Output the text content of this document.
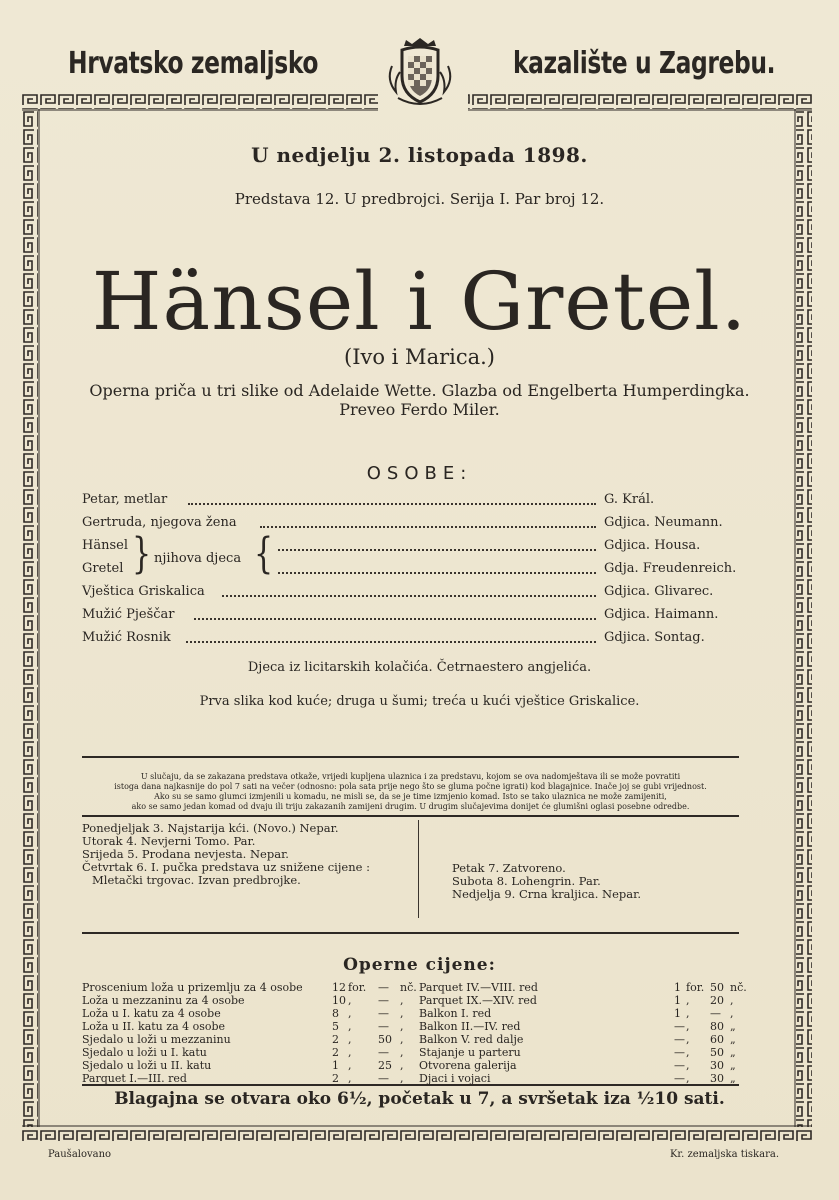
Hrvatsko zemaljsko	kazalište u Zagrebu.
U nedjelju 2. listopada 1898.
Predstava 12. U predbrojci. Serija I. Par broj 12.
Hänsel i Gretel.
(Ivo i Marica.)
Operna priča u tri slike od Adelaide Wette. Glazba od Engelberta Humperdingka.
Preveo Ferdo Miler.
OSOBE:
Petar, metlar	G. Král.
Gertruda, njegova žena	Gdjica. Neumann.
Hänsel	Gdjica. Housa.
Gretel	Gdja. Freudenreich.
} njihova djeca {
Vještica Griskalica	Gdjica. Glivarec.
Mužić Pješčar	Gdjica. Haimann.
Mužić Rosnik	Gdjica. Sontag.
Djeca iz licitarskih kolačića. Četrnaestero angjelića.
Prva slika kod kuće; druga u šumi; treća u kući vještice Griskalice.
U slučaju, da se zakazana predstava otkaže, vrijedi kupljena ulaznica i za predstavu, kojom se ova nadomještava ili se može povratiti
istoga dana najkasnije do pol 7 sati na večer (odnosno: pola sata prije nego što se gluma počne igrati) kod blagajnice. Inače joj se gubi vrijednost.
Ako su se samo glumci izmjenili u komadu, ne misli se, da se je time izmjenio komad. Isto se tako ulaznica ne može zamijeniti,
ako se samo jedan komad od dvaju ili triju zakazanih zamijeni drugim. U drugim slučajevima donijet će glumišni oglasi posebne odredbe.
Ponedjeljak 3. Najstarija kći. (Novo.) Nepar.
Utorak 4. Nevjerni Tomo. Par.
Srijeda 5. Prodana nevjesta. Nepar.
Četvrtak 6. I. pučka predstava uz snižene cijene :
Mletački trgovac. Izvan predbrojke.
Petak 7. Zatvoreno.
Subota 8. Lohengrin. Par.
Nedjelja 9. Crna kraljica. Nepar.
Operne cijene:
Proscenium loža u prizemlju za 4 osobe	12 for. — nč. Parquet IV.—VIII. red	1 for. 50 nč.
Loža u mezzaninu za 4 osobe	10 , — , Parquet IX.—XIV. red	1 , 20 ,
Loža u I. katu za 4 osobe	8 , — , Balkon I. red	1 , — ,
Loža u II. katu za 4 osobe	5 , — , Balkon II.—IV. red	— , 80 „
Sjedalo u loži u mezzaninu	2 , 50 , Balkon V. red dalje	— , 60 „
Sjedalo u loži u I. katu	2 , — , Stajanje u parteru	— , 50 „
Sjedalo u loži u II. katu	1 , 25 , Otvorena galerija	— , 30 „
Parquet I.—III. red	2 , — , Djaci i vojaci	— , 30 „
Blagajna se otvara oko 6½, početak u 7, a svršetak iza ½10 sati.
Paušalovano	Kr. zemaljska tiskara.
